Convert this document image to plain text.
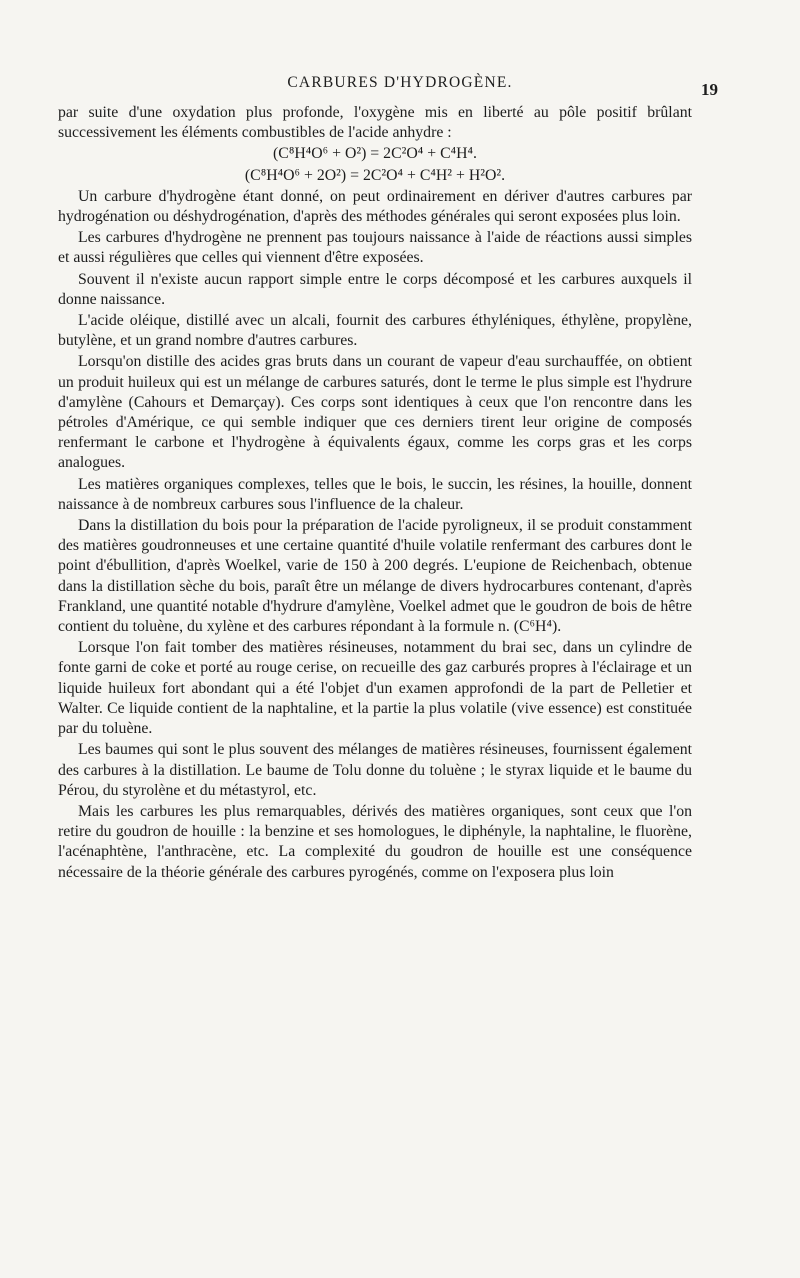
CARBURES D'HYDROGÈNE.	19

par suite d'une oxydation plus profonde, l'oxygène mis en liberté au pôle positif brûlant successivement les éléments combustibles de l'acide anhydre :

(C⁸H⁴O⁶ + O²) = 2C²O⁴ + C⁴H⁴.
(C⁸H⁴O⁶ + 2O²) = 2C²O⁴ + C⁴H² + H²O².

Un carbure d'hydrogène étant donné, on peut ordinairement en dériver d'autres carbures par hydrogénation ou déshydrogénation, d'après des méthodes générales qui seront exposées plus loin.

Les carbures d'hydrogène ne prennent pas toujours naissance à l'aide de réactions aussi simples et aussi régulières que celles qui viennent d'être exposées.

Souvent il n'existe aucun rapport simple entre le corps décomposé et les carbures auxquels il donne naissance.

L'acide oléique, distillé avec un alcali, fournit des carbures éthyléniques, éthylène, propylène, butylène, et un grand nombre d'autres carbures.

Lorsqu'on distille des acides gras bruts dans un courant de vapeur d'eau surchauffée, on obtient un produit huileux qui est un mélange de carbures saturés, dont le terme le plus simple est l'hydrure d'amylène (Cahours et Demarçay). Ces corps sont identiques à ceux que l'on rencontre dans les pétroles d'Amérique, ce qui semble indiquer que ces derniers tirent leur origine de composés renfermant le carbone et l'hydrogène à équivalents égaux, comme les corps gras et les corps analogues.

Les matières organiques complexes, telles que le bois, le succin, les résines, la houille, donnent naissance à de nombreux carbures sous l'influence de la chaleur.

Dans la distillation du bois pour la préparation de l'acide pyroligneux, il se produit constamment des matières goudronneuses et une certaine quantité d'huile volatile renfermant des carbures dont le point d'ébullition, d'après Woelkel, varie de 150 à 200 degrés. L'eupione de Reichenbach, obtenue dans la distillation sèche du bois, paraît être un mélange de divers hydrocarbures contenant, d'après Frankland, une quantité notable d'hydrure d'amylène, Voelkel admet que le goudron de bois de hêtre contient du toluène, du xylène et des carbures répondant à la formule n. (C⁶H⁴).

Lorsque l'on fait tomber des matières résineuses, notamment du brai sec, dans un cylindre de fonte garni de coke et porté au rouge cerise, on recueille des gaz carburés propres à l'éclairage et un liquide huileux fort abondant qui a été l'objet d'un examen approfondi de la part de Pelletier et Walter. Ce liquide contient de la naphtaline, et la partie la plus volatile (vive essence) est constituée par du toluène.

Les baumes qui sont le plus souvent des mélanges de matières résineuses, fournissent également des carbures à la distillation. Le baume de Tolu donne du toluène ; le styrax liquide et le baume du Pérou, du styrolène et du métastyrol, etc.

Mais les carbures les plus remarquables, dérivés des matières organiques, sont ceux que l'on retire du goudron de houille : la benzine et ses homologues, le diphényle, la naphtaline, le fluorène, l'acénaphtène, l'anthracène, etc. La complexité du goudron de houille est une conséquence nécessaire de la théorie générale des carbures pyrogénés, comme on l'exposera plus loin
